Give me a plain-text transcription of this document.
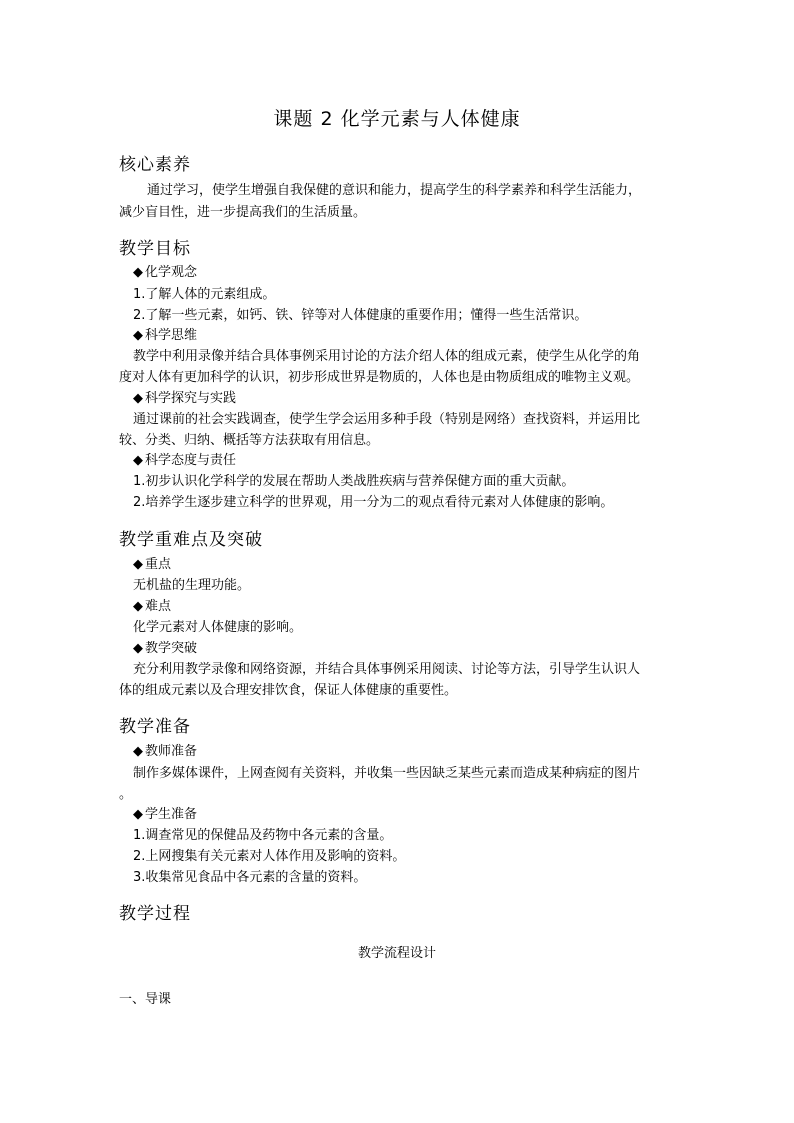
课题 2 化学元素与人体健康
核心素养
通过学习，使学生增强自我保健的意识和能力，提高学生的科学素养和科学生活能力，
减少盲目性，进一步提高我们的生活质量。
教学目标
◆ 化学观念
1.了解人体的元素组成。
2.了解一些元素，如钙、铁、锌等对人体健康的重要作用；懂得一些生活常识。
◆ 科学思维
教学中利用录像并结合具体事例采用讨论的方法介绍人体的组成元素，使学生从化学的角
度对人体有更加科学的认识，初步形成世界是物质的，人体也是由物质组成的唯物主义观。
◆ 科学探究与实践
通过课前的社会实践调查，使学生学会运用多种手段（特别是网络）查找资料，并运用比
较、分类、归纳、概括等方法获取有用信息。
◆ 科学态度与责任
1.初步认识化学科学的发展在帮助人类战胜疾病与营养保健方面的重大贡献。
2.培养学生逐步建立科学的世界观，用一分为二的观点看待元素对人体健康的影响。
教学重难点及突破
◆ 重点
无机盐的生理功能。
◆ 难点
化学元素对人体健康的影响。
◆ 教学突破
充分利用教学录像和网络资源，并结合具体事例采用阅读、讨论等方法，引导学生认识人
体的组成元素以及合理安排饮食，保证人体健康的重要性。
教学准备
◆ 教师准备
制作多媒体课件，上网查阅有关资料，并收集一些因缺乏某些元素而造成某种病症的图片
。
◆ 学生准备
1.调查常见的保健品及药物中各元素的含量。
2.上网搜集有关元素对人体作用及影响的资料。
3.收集常见食品中各元素的含量的资料。
教学过程
教学流程设计
一、导课
